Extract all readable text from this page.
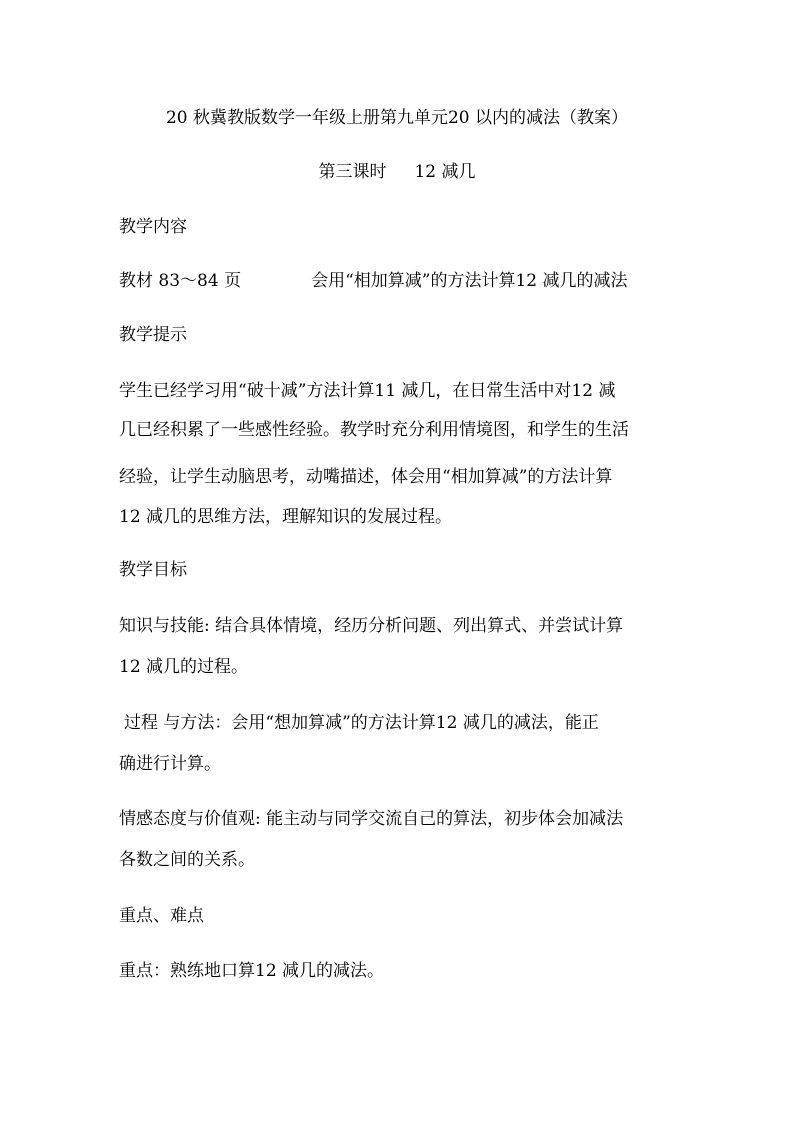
20 秋冀教版数学一年级上册第九单元20 以内的减法（教案）
第三课时 12 减几
教学内容
教材 83～84 页	会用“相加算减”的方法计算12 减几的减法
教学提示
学生已经学习用“破十减”方法计算11 减几，在日常生活中对12 减
几已经积累了一些感性经验。教学时充分利用情境图，和学生的生活
经验，让学生动脑思考，动嘴描述，体会用“相加算减”的方法计算
12 减几的思维方法，理解知识的发展过程。
教学目标
知识与技能: 结合具体情境，经历分析问题、列出算式、并尝试计算
12 减几的过程。
过程 与方法：会用“想加算减”的方法计算12 减几的减法，能正
确进行计算。
情感态度与价值观: 能主动与同学交流自己的算法，初步体会加减法
各数之间的关系。
重点、难点
重点：熟练地口算12 减几的减法。
